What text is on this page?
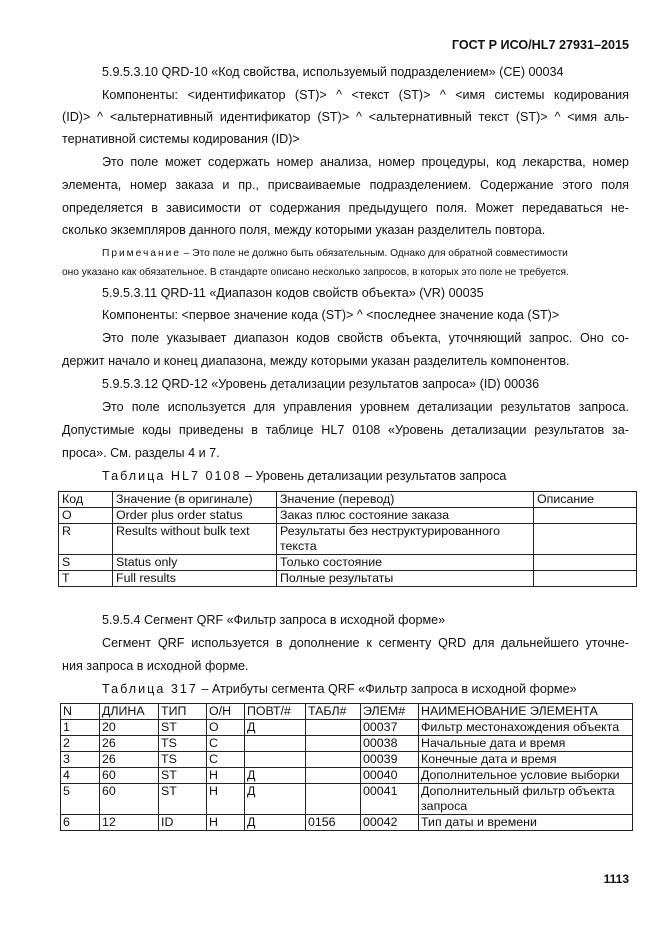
ГОСТ Р ИСО/HL7 27931–2015
5.9.5.3.10 QRD-10 «Код свойства, используемый подразделением» (CE) 00034
Компоненты: <идентификатор (ST)> ^ <текст (ST)> ^ <имя системы кодирования
(ID)> ^ <альтернативный идентификатор (ST)> ^ <альтернативный текст (ST)> ^ <имя аль-
тернативной системы кодирования (ID)>
Это поле может содержать номер анализа, номер процедуры, код лекарства, номер
элемента, номер заказа и пр., присваиваемые подразделением. Содержание этого поля
определяется в зависимости от содержания предыдущего поля. Может передаваться не-
сколько экземпляров данного поля, между которыми указан разделитель повтора.
Примечание – Это поле не должно быть обязательным. Однако для обратной совместимости
оно указано как обязательное. В стандарте описано несколько запросов, в которых это поле не требуется.
5.9.5.3.11 QRD-11 «Диапазон кодов свойств объекта» (VR) 00035
Компоненты: <первое значение кода (ST)> ^ <последнее значение кода (ST)>
Это поле указывает диапазон кодов свойств объекта, уточняющий запрос. Оно со-
держит начало и конец диапазона, между которыми указан разделитель компонентов.
5.9.5.3.12 QRD-12 «Уровень детализации результатов запроса» (ID) 00036
Это поле используется для управления уровнем детализации результатов запроса.
Допустимые коды приведены в таблице HL7 0108 «Уровень детализации результатов за-
проса». См. разделы 4 и 7.
Таблица HL7 0108 – Уровень детализации результатов запроса
Код	Значение (в оригинале)	Значение (перевод)	Описание
O	Order plus order status	Заказ плюс состояние заказа	
R	Results without bulk text	Результаты без неструктурированного текста	
S	Status only	Только состояние	
T	Full results	Полные результаты	
5.9.5.4 Сегмент QRF «Фильтр запроса в исходной форме»
Сегмент QRF используется в дополнение к сегменту QRD для дальнейшего уточне-
ния запроса в исходной форме.
Таблица 317 – Атрибуты сегмента QRF «Фильтр запроса в исходной форме»
N	ДЛИНА	ТИП	О/Н	ПОВТ/#	ТАБЛ#	ЭЛЕМ#	НАИМЕНОВАНИЕ ЭЛЕМЕНТА
1	20	ST	О	Д		00037	Фильтр местонахождения объекта
2	26	TS	С			00038	Начальные дата и время
3	26	TS	С			00039	Конечные дата и время
4	60	ST	Н	Д		00040	Дополнительное условие выборки
5	60	ST	Н	Д		00041	Дополнительный фильтр объекта запроса
6	12	ID	Н	Д	0156	00042	Тип даты и времени
1113
